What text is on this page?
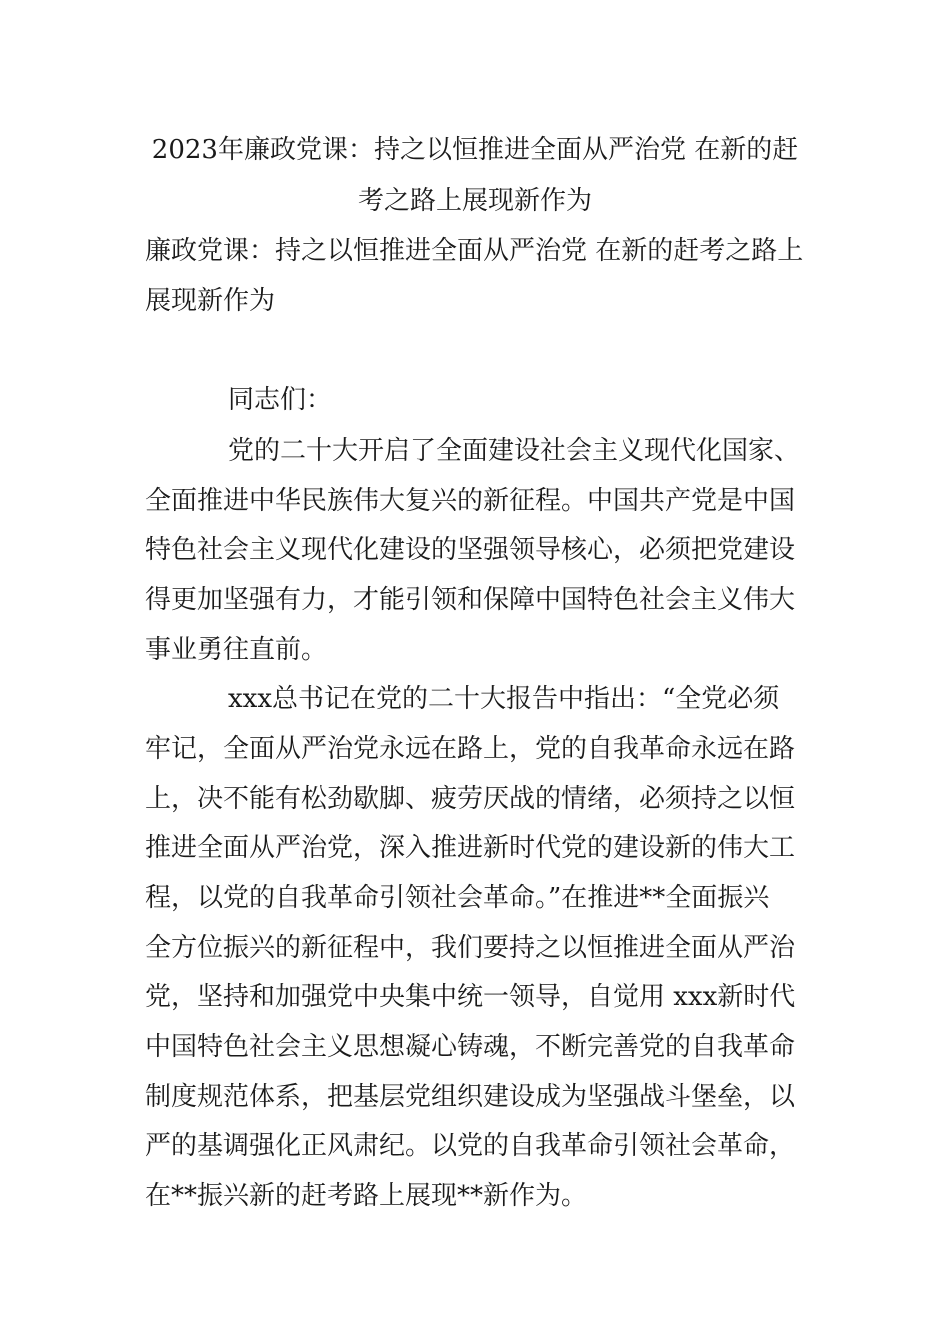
2023年廉政党课：持之以恒推进全面从严治党 在新的赶
考之路上展现新作为
廉政党课：持之以恒推进全面从严治党 在新的赶考之路上
展现新作为
同志们：
党的二十大开启了全面建设社会主义现代化国家、
全面推进中华民族伟大复兴的新征程。中国共产党是中国
特色社会主义现代化建设的坚强领导核心，必须把党建设
得更加坚强有力，才能引领和保障中国特色社会主义伟大
事业勇往直前。
xxx总书记在党的二十大报告中指出：“全党必须
牢记，全面从严治党永远在路上，党的自我革命永远在路
上，决不能有松劲歇脚、疲劳厌战的情绪，必须持之以恒
推进全面从严治党，深入推进新时代党的建设新的伟大工
程，以党的自我革命引领社会革命。”在推进**全面振兴
全方位振兴的新征程中，我们要持之以恒推进全面从严治
党，坚持和加强党中央集中统一领导，自觉用 xxx新时代
中国特色社会主义思想凝心铸魂，不断完善党的自我革命
制度规范体系，把基层党组织建设成为坚强战斗堡垒，以
严的基调强化正风肃纪。以党的自我革命引领社会革命，
在**振兴新的赶考路上展现**新作为。
